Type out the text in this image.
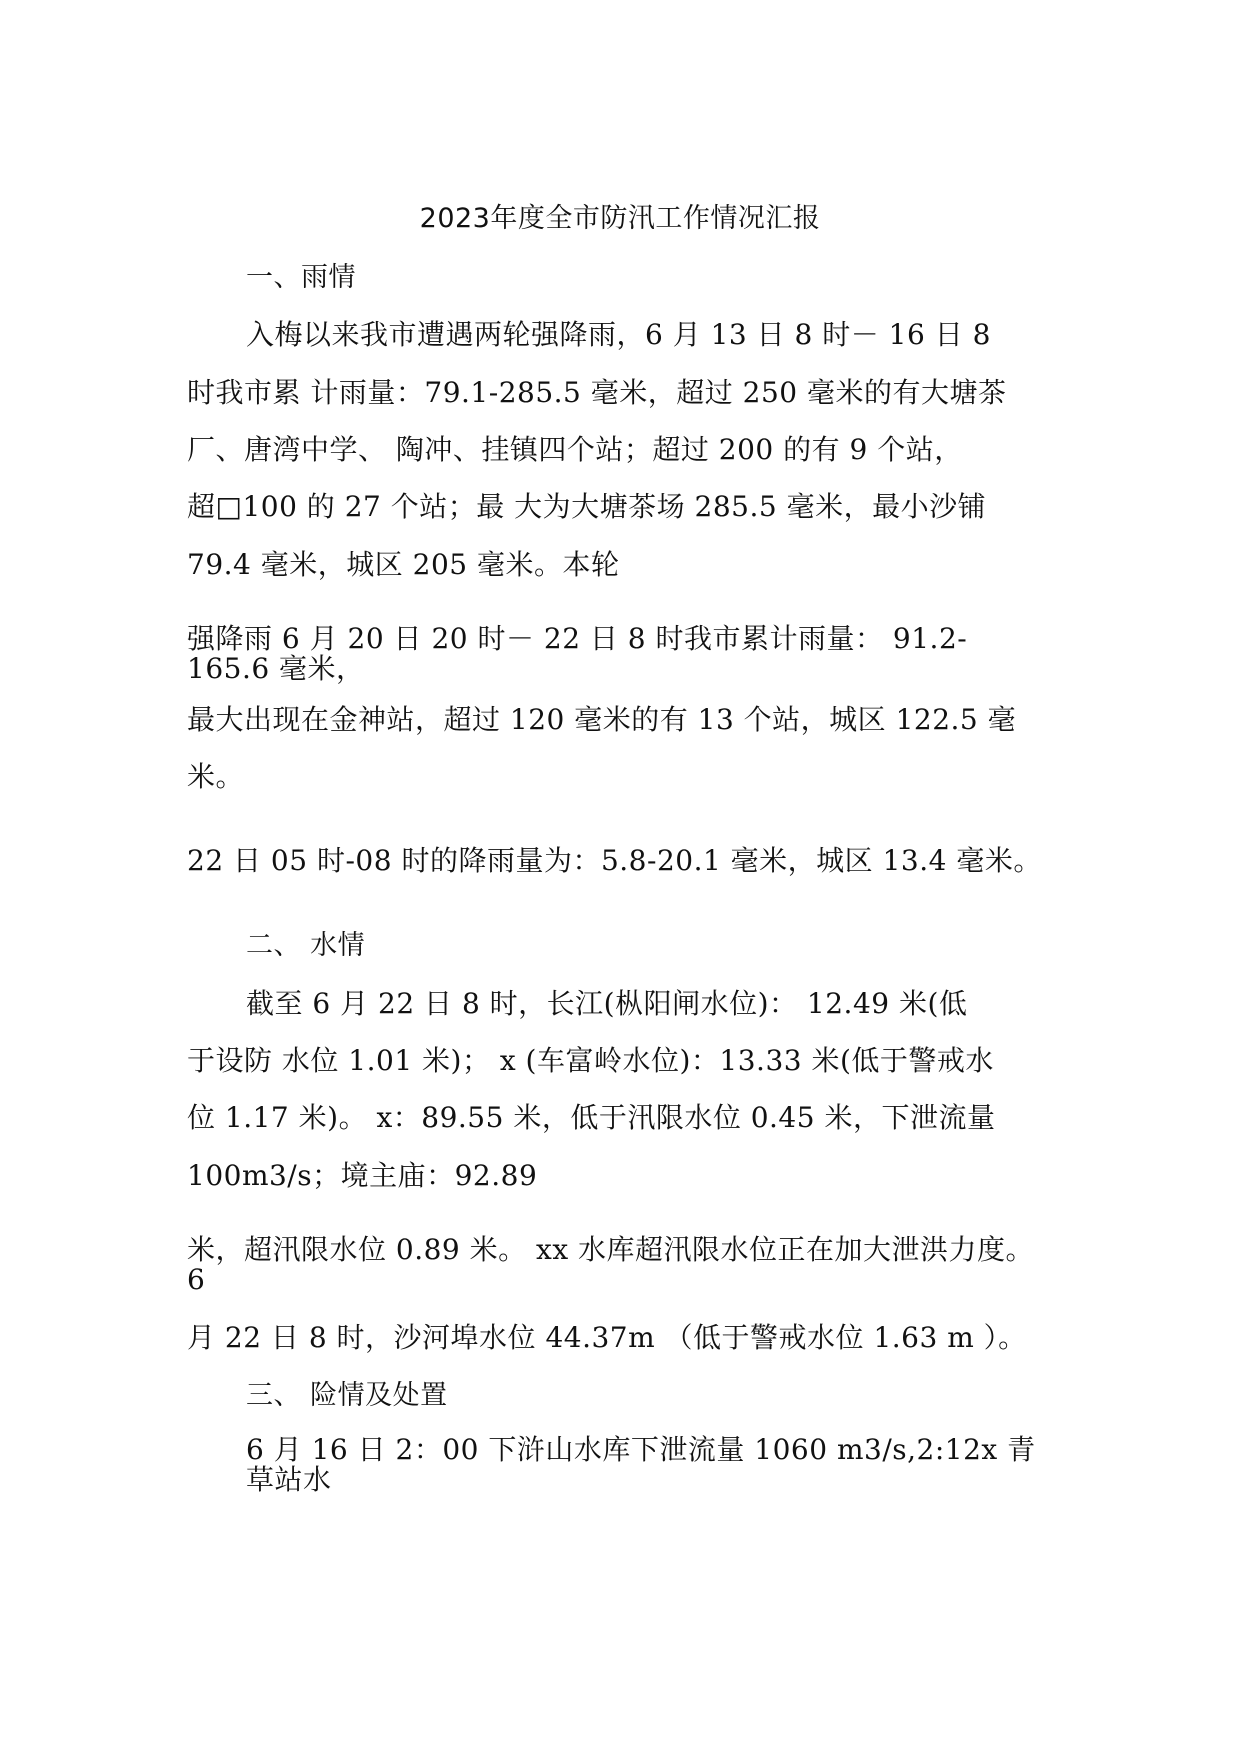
2023年度全市防汛工作情况汇报
一、雨情
入梅以来我市遭遇两轮强降雨，6 月 13 日 8 时－ 16 日 8
时我市累 计雨量：79.1-285.5 毫米，超过 250 毫米的有大塘茶
厂、唐湾中学、 陶冲、挂镇四个站；超过 200 的有 9 个站，
超□100 的 27 个站；最 大为大塘茶场 285.5 毫米，最小沙铺
79.4 毫米，城区 205 毫米。本轮
强降雨 6 月 20 日 20 时－ 22 日 8 时我市累计雨量： 91.2-165.6 毫米，
最大出现在金神站，超过 120 毫米的有 13 个站，城区 122.5 毫
米。
22 日 05 时-08 时的降雨量为：5.8-20.1 毫米，城区 13.4 毫米。
二、 水情
截至 6 月 22 日 8 时，长江(枞阳闸水位)： 12.49 米(低
于设防 水位 1.01 米)； x (车富岭水位)：13.33 米(低于警戒水
位 1.17 米)。 x：89.55 米，低于汛限水位 0.45 米，下泄流量
100m3/s；境主庙：92.89
米，超汛限水位 0.89 米。 xx 水库超汛限水位正在加大泄洪力度。6
月 22 日 8 时，沙河埠水位 44.37m （低于警戒水位 1.63 m ）。
三、 险情及处置
6 月 16 日 2：00 下浒山水库下泄流量 1060 m3/s,2:12x 青草站水
